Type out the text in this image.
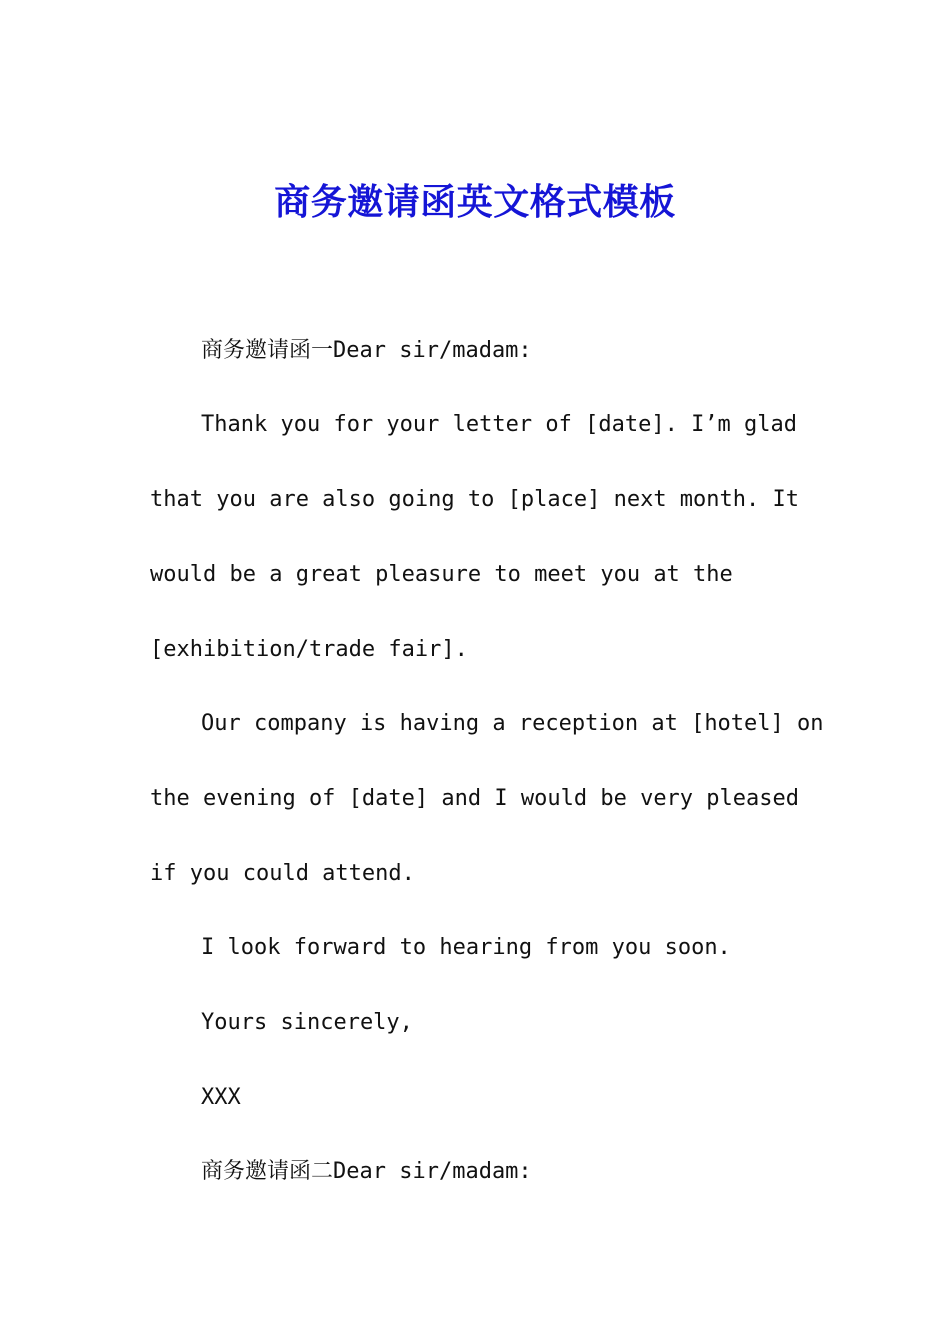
商务邀请函英文格式模板
商务邀请函一Dear sir/madam:
Thank you for your letter of [date]. I’m glad
that you are also going to [place] next month. It
would be a great pleasure to meet you at the
[exhibition/trade fair].
Our company is having a reception at [hotel] on
the evening of [date] and I would be very pleased
if you could attend.
I look forward to hearing from you soon.
Yours sincerely,
XXX
商务邀请函二Dear sir/madam:
